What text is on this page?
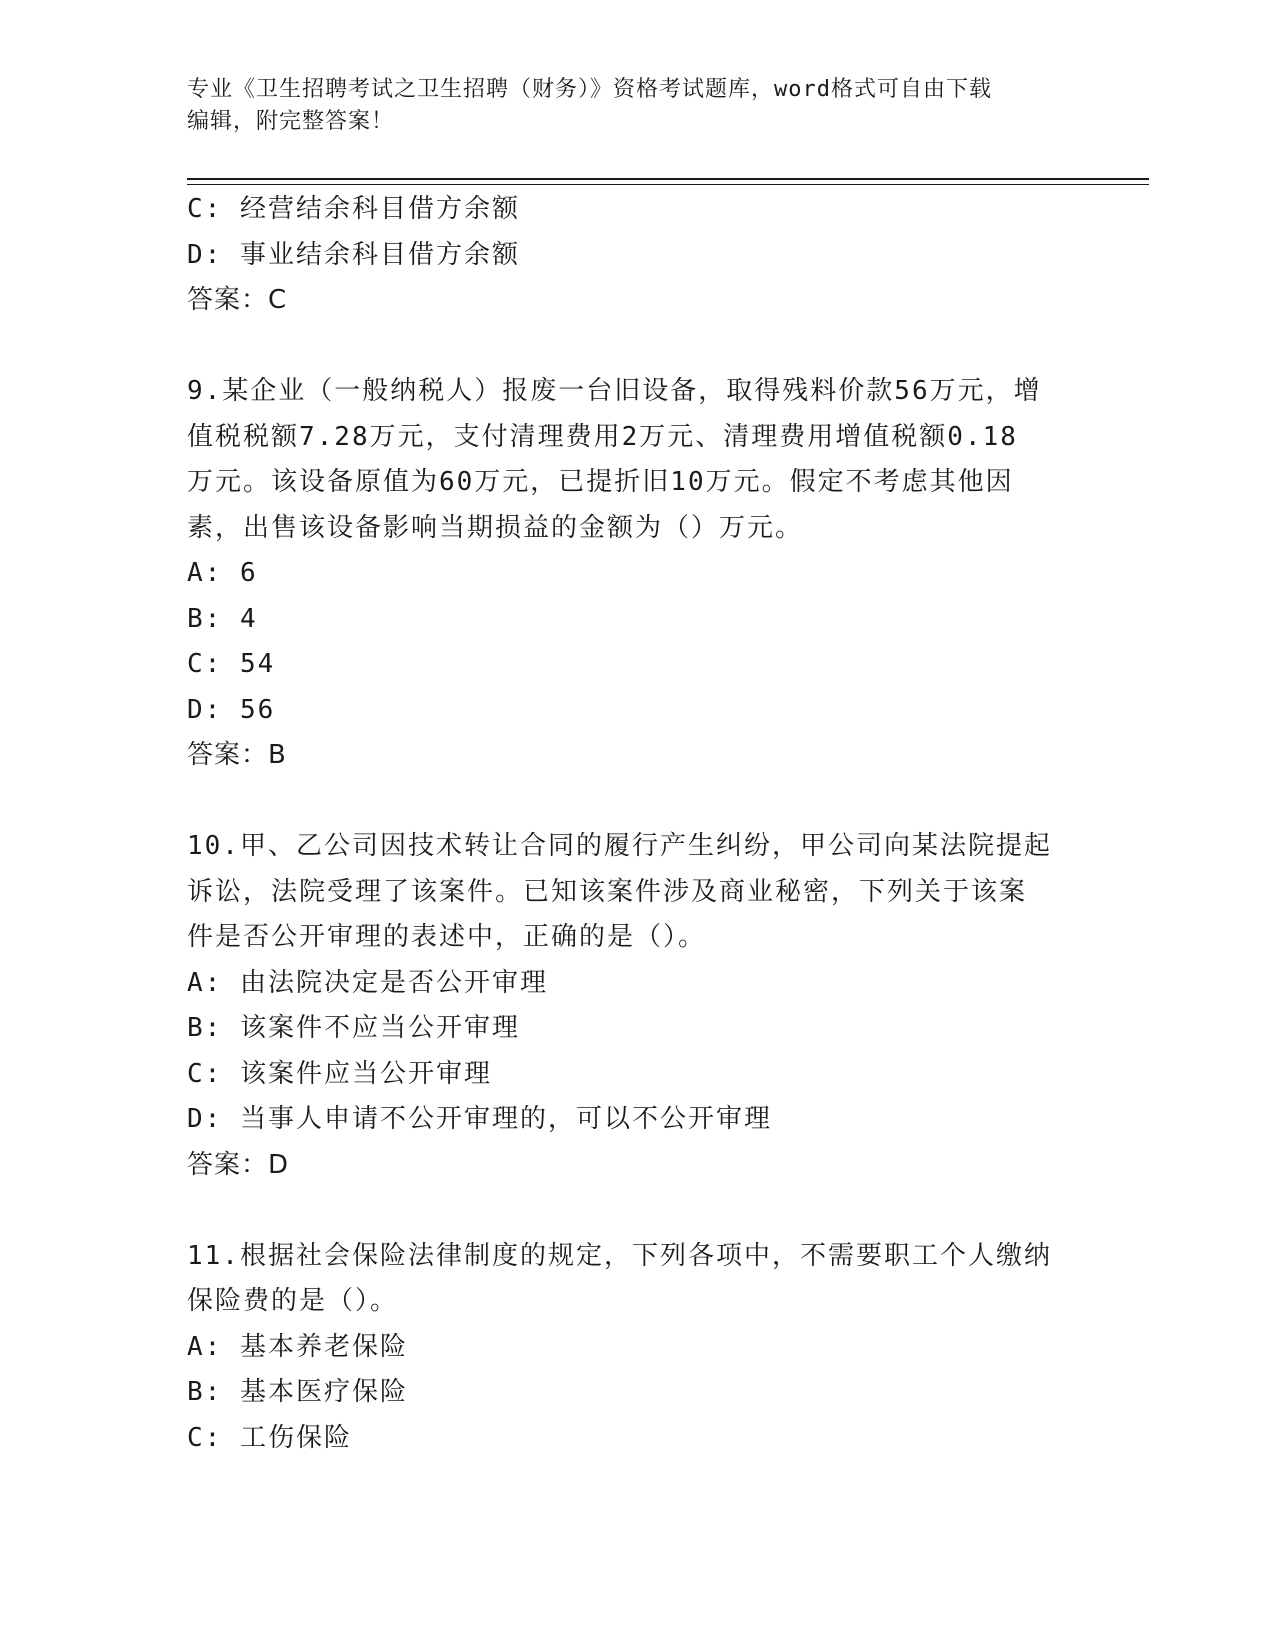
专业《卫生招聘考试之卫生招聘（财务）》资格考试题库，word格式可自由下载
编辑，附完整答案！
C: 经营结余科目借方余额
D: 事业结余科目借方余额
答案：C
9.某企业（一般纳税人）报废一台旧设备，取得残料价款56万元，增
值税税额7.28万元，支付清理费用2万元、清理费用增值税额0.18
万元。该设备原值为60万元，已提折旧10万元。假定不考虑其他因
素，出售该设备影响当期损益的金额为（）万元。
A: 6
B: 4
C: 54
D: 56
答案：B
10.甲、乙公司因技术转让合同的履行产生纠纷，甲公司向某法院提起
诉讼，法院受理了该案件。已知该案件涉及商业秘密，下列关于该案
件是否公开审理的表述中，正确的是（）。
A: 由法院决定是否公开审理
B: 该案件不应当公开审理
C: 该案件应当公开审理
D: 当事人申请不公开审理的，可以不公开审理
答案：D
11.根据社会保险法律制度的规定，下列各项中，不需要职工个人缴纳
保险费的是（）。
A: 基本养老保险
B: 基本医疗保险
C: 工伤保险
